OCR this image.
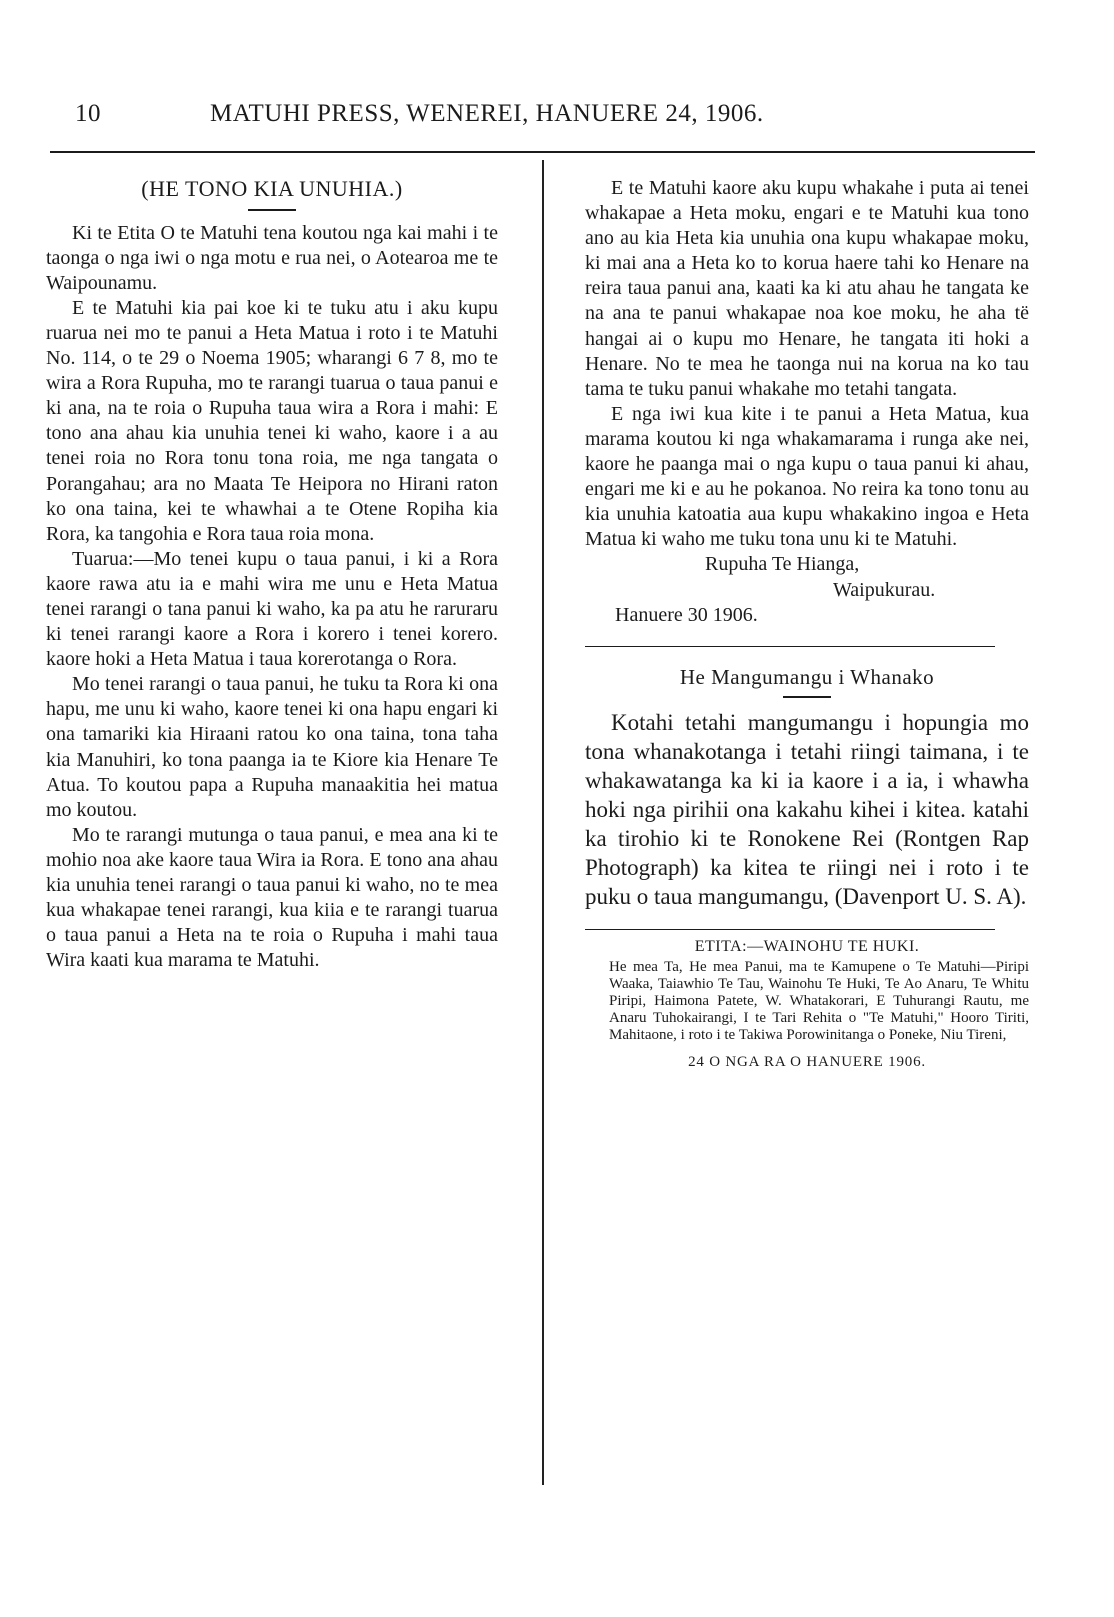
10	MATUHI PRESS, WENEREI, HANUERE 24, 1906.
(HE TONO KIA UNUHIA.)

Ki te Etita O te Matuhi tena koutou nga kai mahi i te taonga o nga iwi o nga motu e rua nei, o Aotearoa me te Waipounamu.

E te Matuhi kia pai koe ki te tuku atu i aku kupu ruarua nei mo te panui a Heta Matua i roto i te Matuhi No. 114, o te 29 o Noema 1905; wharangi 6 7 8, mo te wira a Rora Rupuha, mo te rarangi tuarua o taua panui e ki ana, na te roia o Rupuha taua wira a Rora i mahi: E tono ana ahau kia unuhia tenei ki waho, kaore i a au tenei roia no Rora tonu tona roia, me nga tangata o Porangahau; ara no Maata Te Heipora no Hirani raton ko ona taina, kei te whawhai a te Otene Ropiha kia Rora, ka tangohia e Rora taua roia mona.

Tuarua:—Mo tenei kupu o taua panui, i ki a Rora kaore rawa atu ia e mahi wira me unu e Heta Matua tenei rarangi o tana panui ki waho, ka pa atu he raruraru ki tenei rarangi kaore a Rora i korero i tenei korero. kaore hoki a Heta Matua i taua korerotanga o Rora.

Mo tenei rarangi o taua panui, he tuku ta Rora ki ona hapu, me unu ki waho, kaore tenei ki ona hapu engari ki ona tamariki kia Hiraani ratou ko ona taina, tona taha kia Manuhiri, ko tona paanga ia te Kiore kia Henare Te Atua. To koutou papa a Rupuha manaakitia hei matua mo koutou.

Mo te rarangi mutunga o taua panui, e mea ana ki te mohio noa ake kaore taua Wira ia Rora. E tono ana ahau kia unuhia tenei rarangi o taua panui ki waho, no te mea kua whakapae tenei rarangi, kua kiia e te rarangi tuarua o taua panui a Heta na te roia o Rupuha i mahi taua Wira kaati kua marama te Matuhi.

E te Matuhi kaore aku kupu whakahe i puta ai tenei whakapae a Heta moku, engari e te Matuhi kua tono ano au kia Heta kia unuhia ona kupu whakapae moku, ki mai ana a Heta ko to korua haere tahi ko Henare na reira taua panui ana, kaati ka ki atu ahau he tangata ke na ana te panui whakapae noa koe moku, he aha të hangai ai o kupu mo Henare, he tangata iti hoki a Henare. No te mea he taonga nui na korua na ko tau tama te tuku panui whakahe mo tetahi tangata.

E nga iwi kua kite i te panui a Heta Matua, kua marama koutou ki nga whakamarama i runga ake nei, kaore he paanga mai o nga kupu o taua panui ki ahau, engari me ki e au he pokanoa. No reira ka tono tonu au kia unuhia katoatia aua kupu whakakino ingoa e Heta Matua ki waho me tuku tona unu ki te Matuhi.

Rupuha Te Hianga,

Waipukurau.

Hanuere 30 1906.

He Mangumangu i Whanako

Kotahi tetahi mangumangu i hopungia mo tona whanakotanga i tetahi riingi taimana, i te whakawatanga ka ki ia kaore i a ia, i whawha hoki nga pirihii ona kakahu kihei i kitea. katahi ka tirohio ki te Ronokene Rei (Rontgen Rap Photograph) ka kitea te riingi nei i roto i te puku o taua mangumangu, (Davenport U. S. A).

ETITA:—WAINOHU TE HUKI.

He mea Ta, He mea Panui, ma te Kamupene o Te Matuhi—Piripi Waaka, Taiawhio Te Tau, Wainohu Te Huki, Te Ao Anaru, Te Whitu Piripi, Haimona Patete, W. Whatakorari, E Tuhurangi Rautu, me Anaru Tuhokairangi, I te Tari Rehita o "Te Matuhi," Hooro Tiriti, Mahitaone, i roto i te Takiwa Porowinitanga o Poneke, Niu Tireni,

24 O NGA RA O HANUERE 1906.
